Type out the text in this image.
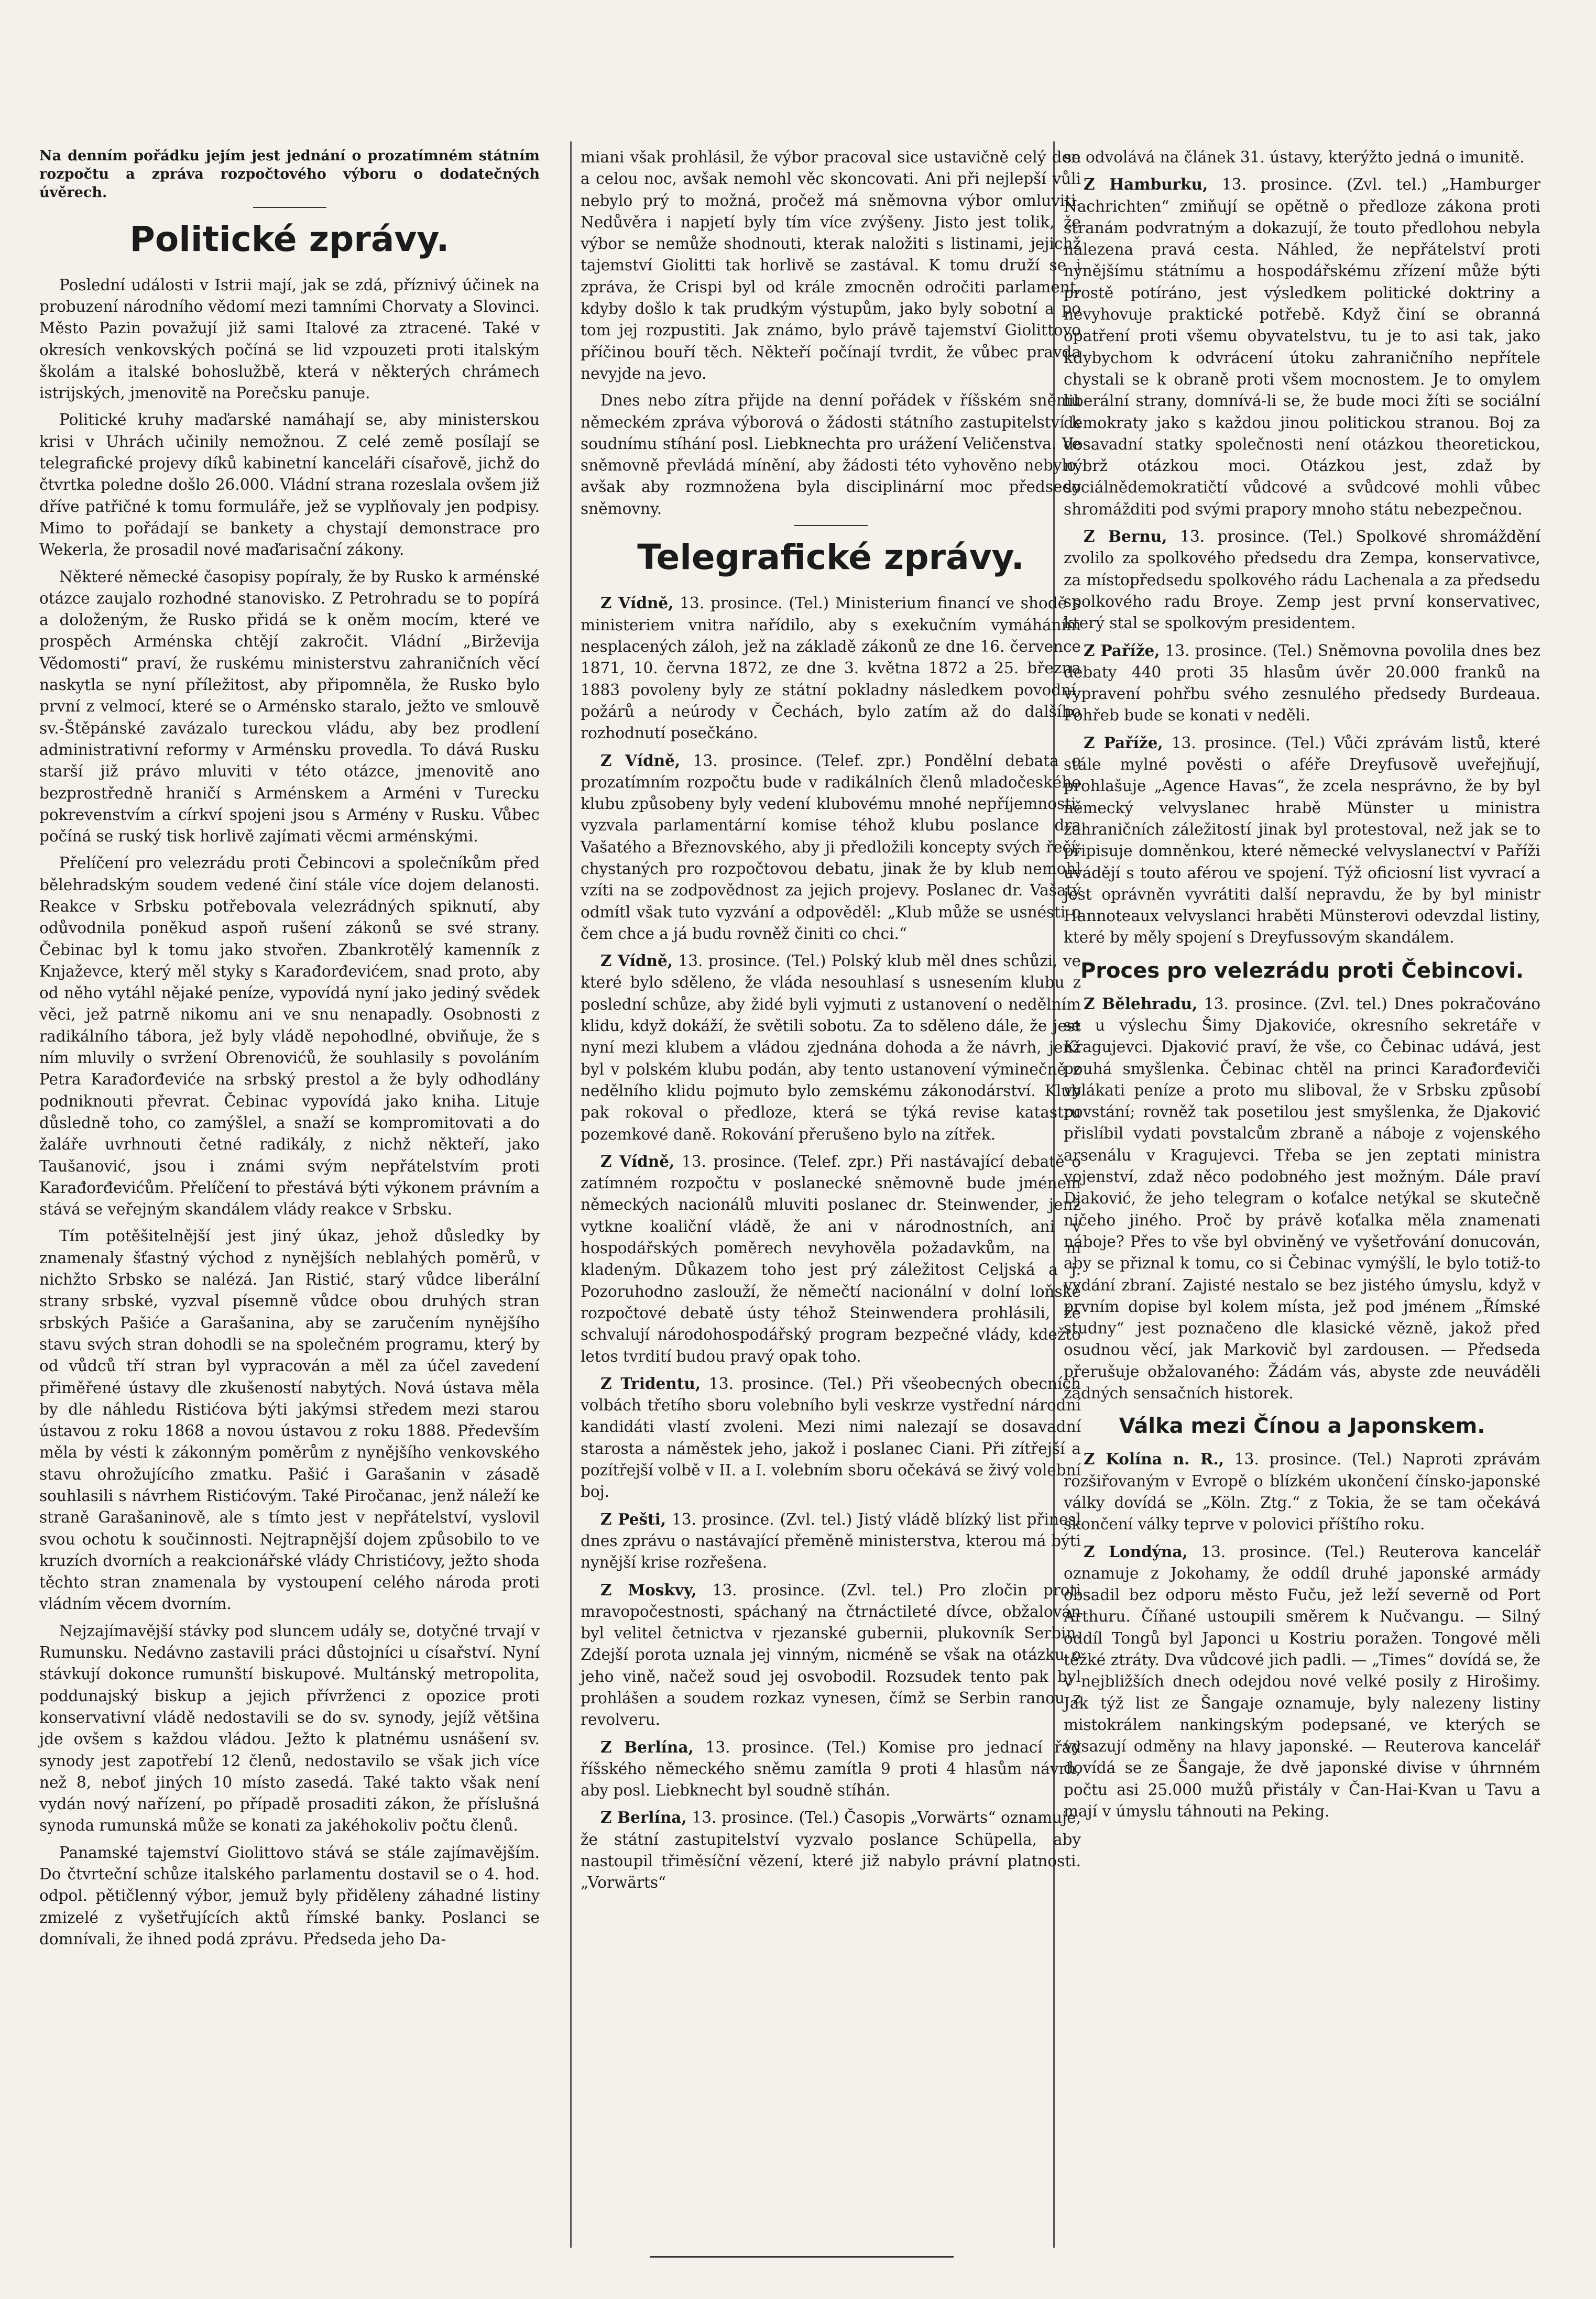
Na denním pořádku jejím jest jednání o prozatímném státním rozpočtu a zpráva rozpočtového výboru o dodatečných úvěrech.

Politické zprávy.

Poslední události v Istrii mají, jak se zdá, příznivý účinek na probuzení národního vědomí mezi tamními Chorvaty a Slovinci. Město Pazin považují již sami Italové za ztracené. Také v okresích venkovských počíná se lid vzpouzeti proti italským školám a italské bohoslužbě, která v některých chrámech istrijských, jmenovitě na Porečsku panuje.

Politické kruhy maďarské namáhají se, aby ministerskou krisi v Uhrách učinily nemožnou. Z celé země posílají se telegrafické projevy díků kabinetní kanceláři císařově, jichž do čtvrtka poledne došlo 26.000. Vládní strana rozeslala ovšem již dříve patřičné k tomu formuláře, jež se vyplňovaly jen podpisy. Mimo to pořádají se bankety a chystají demonstrace pro Wekerla, že prosadil nové maďarisační zákony.

Některé německé časopisy popíraly, že by Rusko k arménské otázce zaujalo rozhodné stanovisko. Z Petrohradu se to popírá a doloženým, že Rusko přidá se k oněm mocím, které ve prospěch Arménska chtějí zakročit. Vládní „Birževija Vědomosti“ praví, že ruskému ministerstvu zahraničních věcí naskytla se nyní příležitost, aby připomněla, že Rusko bylo první z velmocí, které se o Arménsko staralo, ježto ve smlouvě sv.-Štěpánské zavázalo tureckou vládu, aby bez prodlení administrativní reformy v Arménsku provedla. To dává Rusku starší již právo mluviti v této otázce, jmenovitě ano bezprostředně hraničí s Arménskem a Arméni v Turecku pokrevenstvím a církví spojeni jsou s Armény v Rusku. Vůbec počíná se ruský tisk horlivě zajímati věcmi arménskými.

Přelíčení pro velezrádu proti Čebincovi a společníkům před bělehradským soudem vedené činí stále více dojem delanosti. Reakce v Srbsku potřebovala velezrádných spiknutí, aby odůvodnila poněkud aspoň rušení zákonů se své strany. Čebinac byl k tomu jako stvořen. Zbankrotělý kamenník z Knjaževce, který měl styky s Karađorđevićem, snad proto, aby od něho vytáhl nějaké peníze, vypovídá nyní jako jediný svědek věci, jež patrně nikomu ani ve snu nenapadly. Osobnosti z radikálního tábora, jež byly vládě nepohodlné, obviňuje, že s ním mluvily o svržení Obrenovićů, že souhlasily s povoláním Petra Karađorđeviće na srbský prestol a že byly odhodlány podniknouti převrat. Čebinac vypovídá jako kniha. Lituje důsledně toho, co zamýšlel, a snaží se kompromitovati a do žaláře uvrhnouti četné radikály, z nichž někteří, jako Taušanović, jsou i známi svým nepřátelstvím proti Karađorđevićům. Přelíčení to přestává býti výkonem právním a stává se veřejným skandálem vlády reakce v Srbsku.

Tím potěšitelnější jest jiný úkaz, jehož důsledky by znamenaly šťastný východ z nynějších neblahých poměrů, v nichžto Srbsko se nalézá. Jan Ristić, starý vůdce liberální strany srbské, vyzval písemně vůdce obou druhých stran srbských Pašiće a Garašanina, aby se zaručením nynějšího stavu svých stran dohodli se na společném programu, který by od vůdců tří stran byl vypracován a měl za účel zavedení přiměřené ústavy dle zkušeností nabytých. Nová ústava měla by dle náhledu Ristićova býti jakýmsi středem mezi starou ústavou z roku 1868 a novou ústavou z roku 1888. Především měla by vésti k zákonným poměrům z nynějšího venkovského stavu ohrožujícího zmatku. Pašić i Garašanin v zásadě souhlasili s návrhem Ristićovým. Také Piročanac, jenž náleží ke straně Garašaninově, ale s tímto jest v nepřátelství, vyslovil svou ochotu k součinnosti. Nejtrapnější dojem způsobilo to ve kruzích dvorních a reakcionářské vlády Christićovy, ježto shoda těchto stran znamenala by vystoupení celého národa proti vládním věcem dvorním.

Nejzajímavější stávky pod sluncem udály se, dotyčné trvají v Rumunsku. Nedávno zastavili práci důstojníci u císařství. Nyní stávkují dokonce rumunští biskupové. Multánský metropolita, poddunajský biskup a jejich přívrženci z opozice proti konservativní vládě nedostavili se do sv. synody, jejíž většina jde ovšem s každou vládou. Ježto k platnému usnášení sv. synody jest zapotřebí 12 členů, nedostavilo se však jich více než 8, neboť jiných 10 místo zasedá. Také takto však není vydán nový nařízení, po případě prosaditi zákon, že příslušná synoda rumunská může se konati za jakéhokoliv počtu členů.

Panamské tajemství Giolittovo stává se stále zajímavějším. Do čtvrteční schůze italského parlamentu dostavil se o 4. hod. odpol. pětičlenný výbor, jemuž byly přiděleny záhadné listiny zmizelé z vyšetřujících aktů římské banky. Poslanci se domnívali, že ihned podá zprávu. Předseda jeho Da-

miani však prohlásil, že výbor pracoval sice ustavičně celý den a celou noc, avšak nemohl věc skoncovati. Ani při nejlepší vůli nebylo prý to možná, pročež má sněmovna výbor omluviti. Nedůvěra i napjetí byly tím více zvýšeny. Jisto jest tolik, že výbor se nemůže shodnouti, kterak naložiti s listinami, jejichž tajemství Giolitti tak horlivě se zastával. K tomu druží se i zpráva, že Crispi byl od krále zmocněn odročiti parlament, kdyby došlo k tak prudkým výstupům, jako byly sobotní a po tom jej rozpustiti. Jak známo, bylo právě tajemství Giolittovo příčinou bouří těch. Někteří počínají tvrdit, že vůbec pravda nevyjde na jevo.

Dnes nebo zítra přijde na denní pořádek v říšském sněmu německém zpráva výborová o žádosti státního zastupitelství k soudnímu stíhání posl. Liebknechta pro urážení Veličenstva. Ve sněmovně převládá mínění, aby žádosti této vyhověno nebylo, avšak aby rozmnožena byla disciplinární moc předsedy sněmovny.

Telegrafické zprávy.

Z Vídně, 13. prosince. (Tel.) Ministerium financí ve shodě s ministeriem vnitra nařídilo, aby s exekučním vymáháním nesplacených záloh, jež na základě zákonů ze dne 16. července 1871, 10. června 1872, ze dne 3. května 1872 a 25. března 1883 povoleny byly ze státní pokladny následkem povodní, požárů a neúrody v Čechách, bylo zatím až do dalšího rozhodnutí posečkáno.

Z Vídně, 13. prosince. (Telef. zpr.) Pondělní debata o prozatímním rozpočtu bude v radikálních členů mladočeského klubu způsobeny byly vedení klubovému mnohé nepříjemnosti, vyzvala parlamentární komise téhož klubu poslance dra Vašatého a Březnovského, aby ji předložili koncepty svých řečí, chystaných pro rozpočtovou debatu, jinak že by klub nemohl vzíti na se zodpovědnost za jejich projevy. Poslanec dr. Vašatý odmítl však tuto vyzvání a odpověděl: „Klub může se usnésti o čem chce a já budu rovněž činiti co chci.“

Z Vídně, 13. prosince. (Tel.) Polský klub měl dnes schůzi, ve které bylo sděleno, že vláda nesouhlasí s usnesením klubu z poslední schůze, aby židé byli vyjmuti z ustanovení o nedělním klidu, když dokáží, že světili sobotu. Za to sděleno dále, že jest nyní mezi klubem a vládou zjednána dohoda a že návrh, jenž byl v polském klubu podán, aby tento ustanovení výminečně z nedělního klidu pojmuto bylo zemskému zákonodárství. Klub pak rokoval o předloze, která se týká revise katastru pozemkové daně. Rokování přerušeno bylo na zítřek.

Z Vídně, 13. prosince. (Telef. zpr.) Při nastávající debatě o zatímném rozpočtu v poslanecké sněmovně bude jménem německých nacionálů mluviti poslanec dr. Steinwender, jenž vytkne koaliční vládě, že ani v národnostních, ani v hospodářských poměrech nevyhověla požadavkům, na ni kladeným. Důkazem toho jest prý záležitost Celjská a j. Pozoruhodno zaslouží, že němečtí nacionální v dolní loňské rozpočtové debatě ústy téhož Steinwendera prohlásili, že schvalují národohospodářský program bezpečné vlády, kdežto letos tvrdití budou pravý opak toho.

Z Tridentu, 13. prosince. (Tel.) Při všeobecných obecních volbách třetího sboru volebního byli veskrze vystřední národní kandidáti vlastí zvoleni. Mezi nimi nalezají se dosavadní starosta a náměstek jeho, jakož i poslanec Ciani. Při zítřejší a pozítřejší volbě v II. a I. volebním sboru očekává se živý volební boj.

Z Pešti, 13. prosince. (Zvl. tel.) Jistý vládě blízký list přinesl dnes zprávu o nastávající přeměně ministerstva, kterou má býti nynější krise rozřešena.

Z Moskvy, 13. prosince. (Zvl. tel.) Pro zločin proti mravopočestnosti, spáchaný na čtrnáctileté dívce, obžalován byl velitel četnictva v rjezanské gubernii, plukovník Serbin. Zdejší porota uznala jej vinným, nicméně se však na otázku o jeho vině, načež soud jej osvobodil. Rozsudek tento pak byl prohlášen a soudem rozkaz vynesen, čímž se Serbin ranou z revolveru.

Z Berlína, 13. prosince. (Tel.) Komise pro jednací řád říšského německého sněmu zamítla 9 proti 4 hlasům návrh, aby posl. Liebknecht byl soudně stíhán.

Z Berlína, 13. prosince. (Tel.) Časopis „Vorwärts“ oznamuje, že státní zastupitelství vyzvalo poslance Schüpella, aby nastoupil třiměsíční vězení, které již nabylo právní platnosti. „Vorwärts“

se odvolává na článek 31. ústavy, kterýžto jedná o imunitě.

Z Hamburku, 13. prosince. (Zvl. tel.) „Hamburger Nachrichten“ zmiňují se opětně o předloze zákona proti stranám podvratným a dokazují, že touto předlohou nebyla nalezena pravá cesta. Náhled, že nepřátelství proti nynějšímu státnímu a hospodářskému zřízení může býti prostě potíráno, jest výsledkem politické doktriny a nevyhovuje praktické potřebě. Když činí se obranná opatření proti všemu obyvatelstvu, tu je to asi tak, jako kdybychom k odvrácení útoku zahraničního nepřítele chystali se k obraně proti všem mocnostem. Je to omylem liberální strany, domnívá-li se, že bude moci žíti se sociální demokraty jako s každou jinou politickou stranou. Boj za dosavadní statky společnosti není otázkou theoretickou, nýbrž otázkou moci. Otázkou jest, zdaž by sociálnědemokratičtí vůdcové a svůdcové mohli vůbec shromážditi pod svými prapory mnoho státu nebezpečnou.

Z Bernu, 13. prosince. (Tel.) Spolkové shromáždění zvolilo za spolkového předsedu dra Zempa, konservativce, za místopředsedu spolkového rádu Lachenala a za předsedu spolkového radu Broye. Zemp jest první konservativec, který stal se spolkovým presidentem.

Z Paříže, 13. prosince. (Tel.) Sněmovna povolila dnes bez debaty 440 proti 35 hlasům úvěr 20.000 franků na vypravení pohřbu svého zesnulého předsedy Burdeaua. Pohřeb bude se konati v neděli.

Z Paříže, 13. prosince. (Tel.) Vůči zprávám listů, které stále mylné pověsti o aféře Dreyfusově uveřejňují, prohlašuje „Agence Havas“, že zcela nesprávno, že by byl německý velvyslanec hrabě Münster u ministra zahraničních záležitostí jinak byl protestoval, než jak se to připisuje domněnkou, které německé velvyslanectví v Paříži uvádějí s touto aférou ve spojení. Týž oficiosní list vyvrací a jest oprávněn vyvrátiti další nepravdu, že by byl ministr Hannoteaux velvyslanci hraběti Münsterovi odevzdal listiny, které by měly spojení s Dreyfussovým skandálem.

Proces pro velezrádu proti Čebincovi.

Z Bělehradu, 13. prosince. (Zvl. tel.) Dnes pokračováno se u výslechu Šimy Djakoviće, okresního sekretáře v Kragujevci. Djaković praví, že vše, co Čebinac udává, jest pouhá smyšlenka. Čebinac chtěl na princi Karađorđeviči vylákati peníze a proto mu sliboval, že v Srbsku způsobí povstání; rovněž tak posetilou jest smyšlenka, že Djaković přislíbil vydati povstalcům zbraně a náboje z vojenského arsenálu v Kragujevci. Třeba se jen zeptati ministra vojenství, zdaž něco podobného jest možným. Dále praví Djaković, že jeho telegram o koťalce netýkal se skutečně ničeho jiného. Proč by právě koťalka měla znamenati náboje? Přes to vše byl obviněný ve vyšetřování donucován, aby se přiznal k tomu, co si Čebinac vymýšlí, le bylo totiž-to vydání zbraní. Zajisté nestalo se bez jistého úmyslu, když v prvním dopise byl kolem místa, jež pod jménem „Římské studny“ jest poznačeno dle klasické vězně, jakož před osudnou věcí, jak Markovič byl zardousen. — Předseda přerušuje obžalovaného: Žádám vás, abyste zde neuváděli žádných sensačních historek.

Válka mezi Čínou a Japonskem.

Z Kolína n. R., 13. prosince. (Tel.) Naproti zprávám rozšiřovaným v Evropě o blízkém ukončení čínsko-japonské války dovídá se „Köln. Ztg.“ z Tokia, že se tam očekává skončení války teprve v polovici příštího roku.

Z Londýna, 13. prosince. (Tel.) Reuterova kancelář oznamuje z Jokohamy, že oddíl druhé japonské armády obsadil bez odporu město Fuču, jež leží severně od Port Arthuru. Číňané ustoupili směrem k Nučvangu. — Silný oddíl Tongů byl Japonci u Kostriu poražen. Tongové měli těžké ztráty. Dva vůdcové jich padli. — „Times“ dovídá se, že v nejbližších dnech odejdou nové velké posily z Hirošimy. Jak týž list ze Šangaje oznamuje, byly nalezeny listiny mistokrálem nankingským podepsané, ve kterých se vysazují odměny na hlavy japonské. — Reuterova kancelář dovídá se ze Šangaje, že dvě japonské divise v úhrnném počtu asi 25.000 mužů přistály v Čan-Hai-Kvan u Tavu a mají v úmyslu táhnouti na Peking.
